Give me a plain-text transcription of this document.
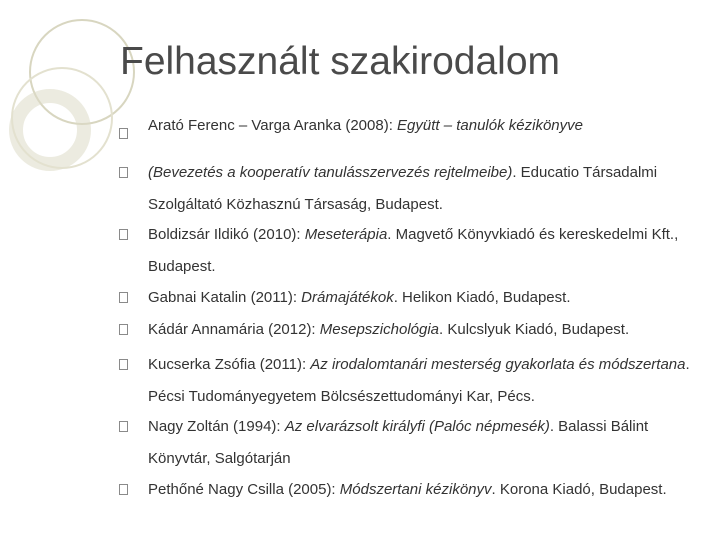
Felhasznált szakirodalom

Arató Ferenc – Varga Aranka (2008): Együtt – tanulók kézikönyve

(Bevezetés a kooperatív tanulásszervezés rejtelmeibe). Educatio Társadalmi Szolgáltató Közhasznú Társaság, Budapest.

Boldizsár Ildikó (2010): Meseterápia. Magvető Könyvkiadó és kereskedelmi Kft., Budapest.

Gabnai Katalin (2011): Drámajátékok. Helikon Kiadó, Budapest.

Kádár Annamária (2012): Mesepszichológia. Kulcslyuk Kiadó, Budapest.

Kucserka Zsófia (2011): Az irodalomtanári mesterség gyakorlata és módszertana. Pécsi Tudományegyetem Bölcsészettudományi Kar, Pécs.

Nagy Zoltán (1994): Az elvarázsolt királyfi (Palóc népmesék). Balassi Bálint Könyvtár, Salgótarján

Pethőné Nagy Csilla (2005): Módszertani kézikönyv. Korona Kiadó, Budapest.
